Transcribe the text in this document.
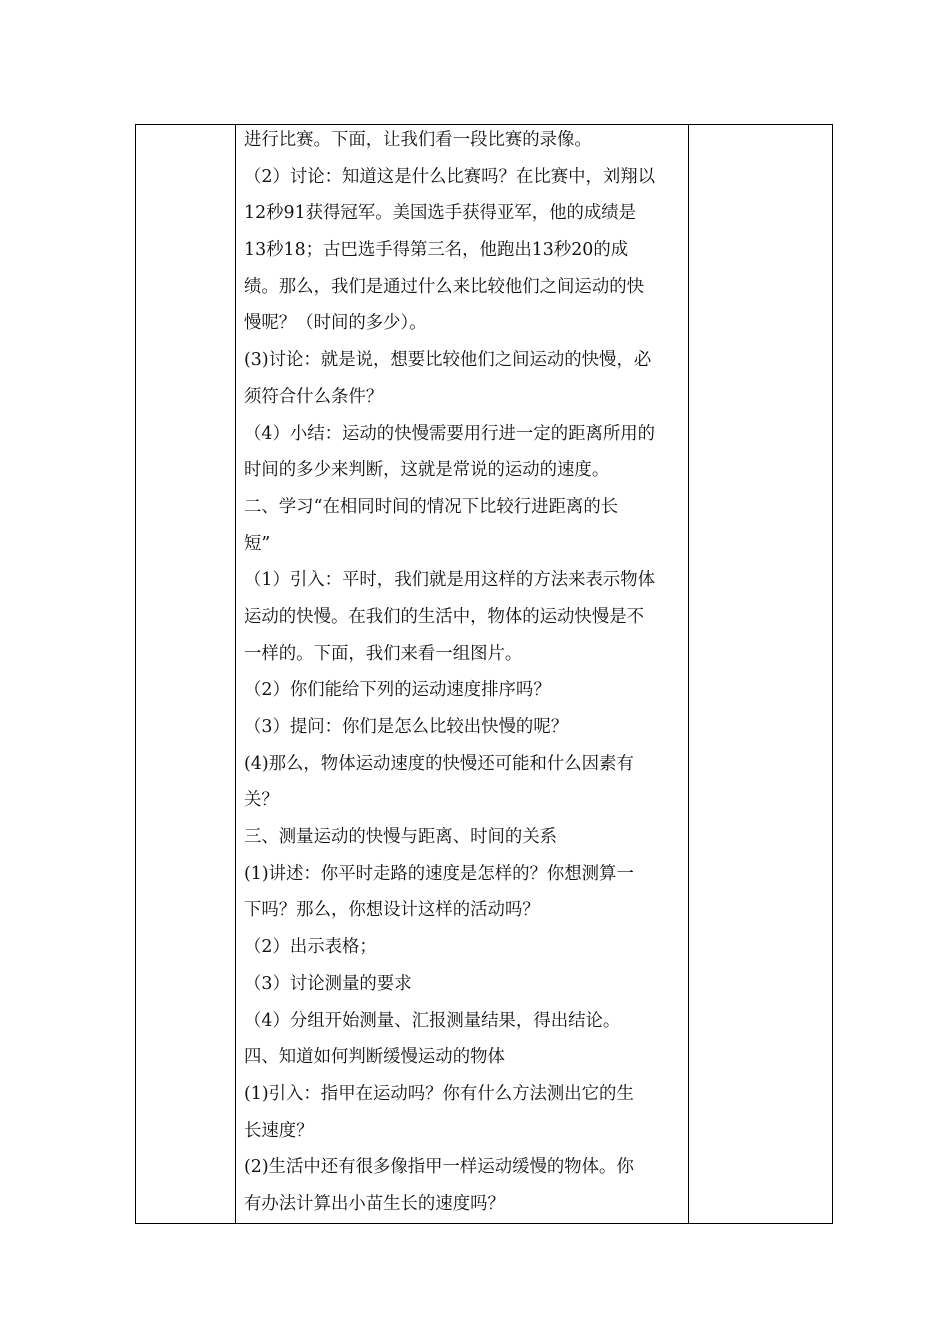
进行比赛。下面，让我们看一段比赛的录像。
（2）讨论：知道这是什么比赛吗？在比赛中，刘翔以
12秒91获得冠军。美国选手获得亚军，他的成绩是
13秒18；古巴选手得第三名，他跑出13秒20的成
绩。那么，我们是通过什么来比较他们之间运动的快
慢呢？（时间的多少）。
(3)讨论：就是说，想要比较他们之间运动的快慢，必
须符合什么条件？
（4）小结：运动的快慢需要用行进一定的距离所用的
时间的多少来判断，这就是常说的运动的速度。
二、学习“在相同时间的情况下比较行进距离的长
短”
（1）引入：平时，我们就是用这样的方法来表示物体
运动的快慢。在我们的生活中，物体的运动快慢是不
一样的。下面，我们来看一组图片。
（2）你们能给下列的运动速度排序吗？
（3）提问：你们是怎么比较出快慢的呢？
(4)那么，物体运动速度的快慢还可能和什么因素有
关？
三、测量运动的快慢与距离、时间的关系
(1)讲述：你平时走路的速度是怎样的？你想测算一
下吗？那么，你想设计这样的活动吗？
（2）出示表格；
（3）讨论测量的要求
（4）分组开始测量、汇报测量结果，得出结论。
四、知道如何判断缓慢运动的物体
(1)引入：指甲在运动吗？你有什么方法测出它的生
长速度？
(2)生活中还有很多像指甲一样运动缓慢的物体。你
有办法计算出小苗生长的速度吗？
